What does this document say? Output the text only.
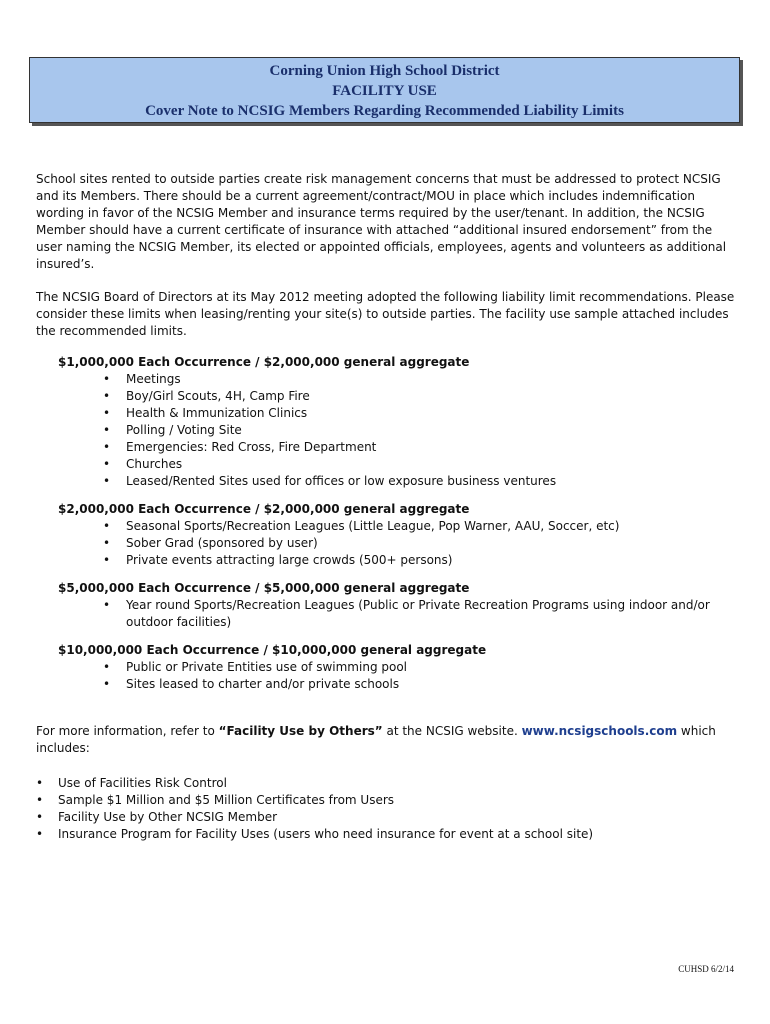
Corning Union High School District
FACILITY USE
Cover Note to NCSIG Members Regarding Recommended Liability Limits

School sites rented to outside parties create risk management concerns that must be addressed to protect NCSIG and its Members. There should be a current agreement/contract/MOU in place which includes indemnification wording in favor of the NCSIG Member and insurance terms required by the user/tenant. In addition, the NCSIG Member should have a current certificate of insurance with attached “additional insured endorsement” from the user naming the NCSIG Member, its elected or appointed officials, employees, agents and volunteers as additional insured’s.

The NCSIG Board of Directors at its May 2012 meeting adopted the following liability limit recommendations. Please consider these limits when leasing/renting your site(s) to outside parties. The facility use sample attached includes the recommended limits.

$1,000,000 Each Occurrence / $2,000,000 general aggregate
• Meetings
• Boy/Girl Scouts, 4H, Camp Fire
• Health & Immunization Clinics
• Polling / Voting Site
• Emergencies: Red Cross, Fire Department
• Churches
• Leased/Rented Sites used for offices or low exposure business ventures
$2,000,000 Each Occurrence / $2,000,000 general aggregate
• Seasonal Sports/Recreation Leagues (Little League, Pop Warner, AAU, Soccer, etc)
• Sober Grad (sponsored by user)
• Private events attracting large crowds (500+ persons)
$5,000,000 Each Occurrence / $5,000,000 general aggregate
• Year round Sports/Recreation Leagues (Public or Private Recreation Programs using indoor and/or outdoor facilities)
$10,000,000 Each Occurrence / $10,000,000 general aggregate
• Public or Private Entities use of swimming pool
• Sites leased to charter and/or private schools

For more information, refer to “Facility Use by Others” at the NCSIG website. www.ncsigschools.com which includes:

• Use of Facilities Risk Control
• Sample $1 Million and $5 Million Certificates from Users
• Facility Use by Other NCSIG Member
• Insurance Program for Facility Uses (users who need insurance for event at a school site)
CUHSD 6/2/14
